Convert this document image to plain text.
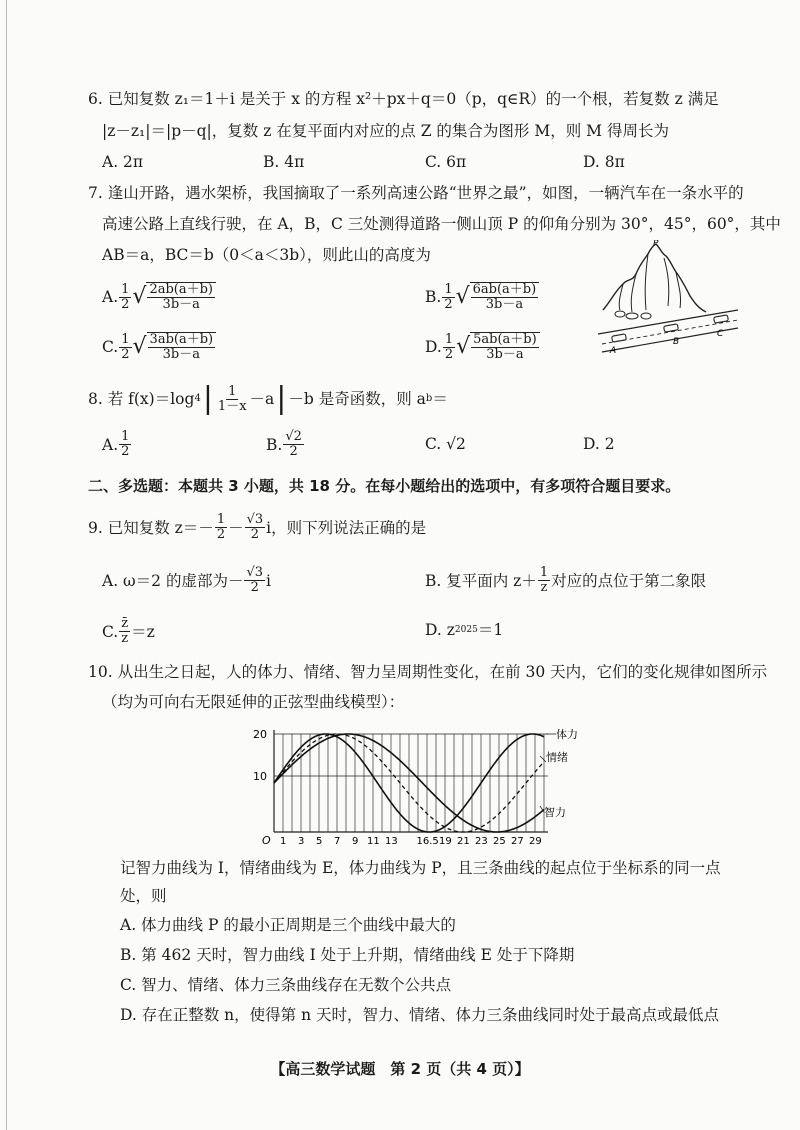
6. 已知复数 z₁＝1＋i 是关于 x 的方程 x²＋px＋q＝0（p，q∈R）的一个根，若复数 z 满足
|z－z₁|＝|p－q|，复数 z 在复平面内对应的点 Z 的集合为图形 M，则 M 得周长为
A. 2π	B. 4π	C. 6π	D. 8π
7. 逢山开路，遇水架桥，我国摘取了一系列高速公路“世界之最”，如图，一辆汽车在一条水平的
高速公路上直线行驶，在 A，B，C 三处测得道路一侧山顶 P 的仰角分别为 30°，45°，60°，其中
AB＝a，BC＝b（0＜a＜3b），则此山的高度为
A. $\frac{1}{2}$ √ $\frac{2ab(a+b)}{3b-a}$	B. $\frac{1}{2}$ √ $\frac{6ab(a+b)}{3b-a}$
C. $\frac{1}{2}$ √ $\frac{3ab(a+b)}{3b-a}$	D. $\frac{1}{2}$ √ $\frac{5ab(a+b)}{3b-a}$
P
A
B
C
8. 若 f(x)＝log 4 | $\frac{1}{1-x} -a$ | －b 是奇函数，则 a b ＝
A. $\frac{1}{2}$	B. $\frac{√2}{2}$	C. √2	D. 2
二、多选题：本题共 3 小题，共 18 分。在每小题给出的选项中，有多项符合题目要求。
9. 已知复数 $z=- \frac{1}{2} - \frac{√3}{2}$ i，则下列说法正确的是
A. ω＝2 的虚部为－ $\frac{√3}{2}$ i	B. 复平面内 $z+ \frac{1}{z}$ 对应的点位于第二象限
C. $\frac{z̄}{z} =z$	D. z 2025 ＝1
10. 从出生之日起，人的体力、情绪、智力呈周期性变化，在前 30 天内，它们的变化规律如图所示
（均为可向右无限延伸的正弦型曲线模型）：
20
10
O 1 3 5 7 9 11 13 16.5 19 21 23 25 27 29
体力
情绪
智力
记智力曲线为 I，情绪曲线为 E，体力曲线为 P，且三条曲线的起点位于坐标系的同一点
处，则
A. 体力曲线 P 的最小正周期是三个曲线中最大的
B. 第 462 天时，智力曲线 I 处于上升期，情绪曲线 E 处于下降期
C. 智力、情绪、体力三条曲线存在无数个公共点
D. 存在正整数 n，使得第 n 天时，智力、情绪、体力三条曲线同时处于最高点或最低点
【高三数学试题　第 2 页（共 4 页）】
